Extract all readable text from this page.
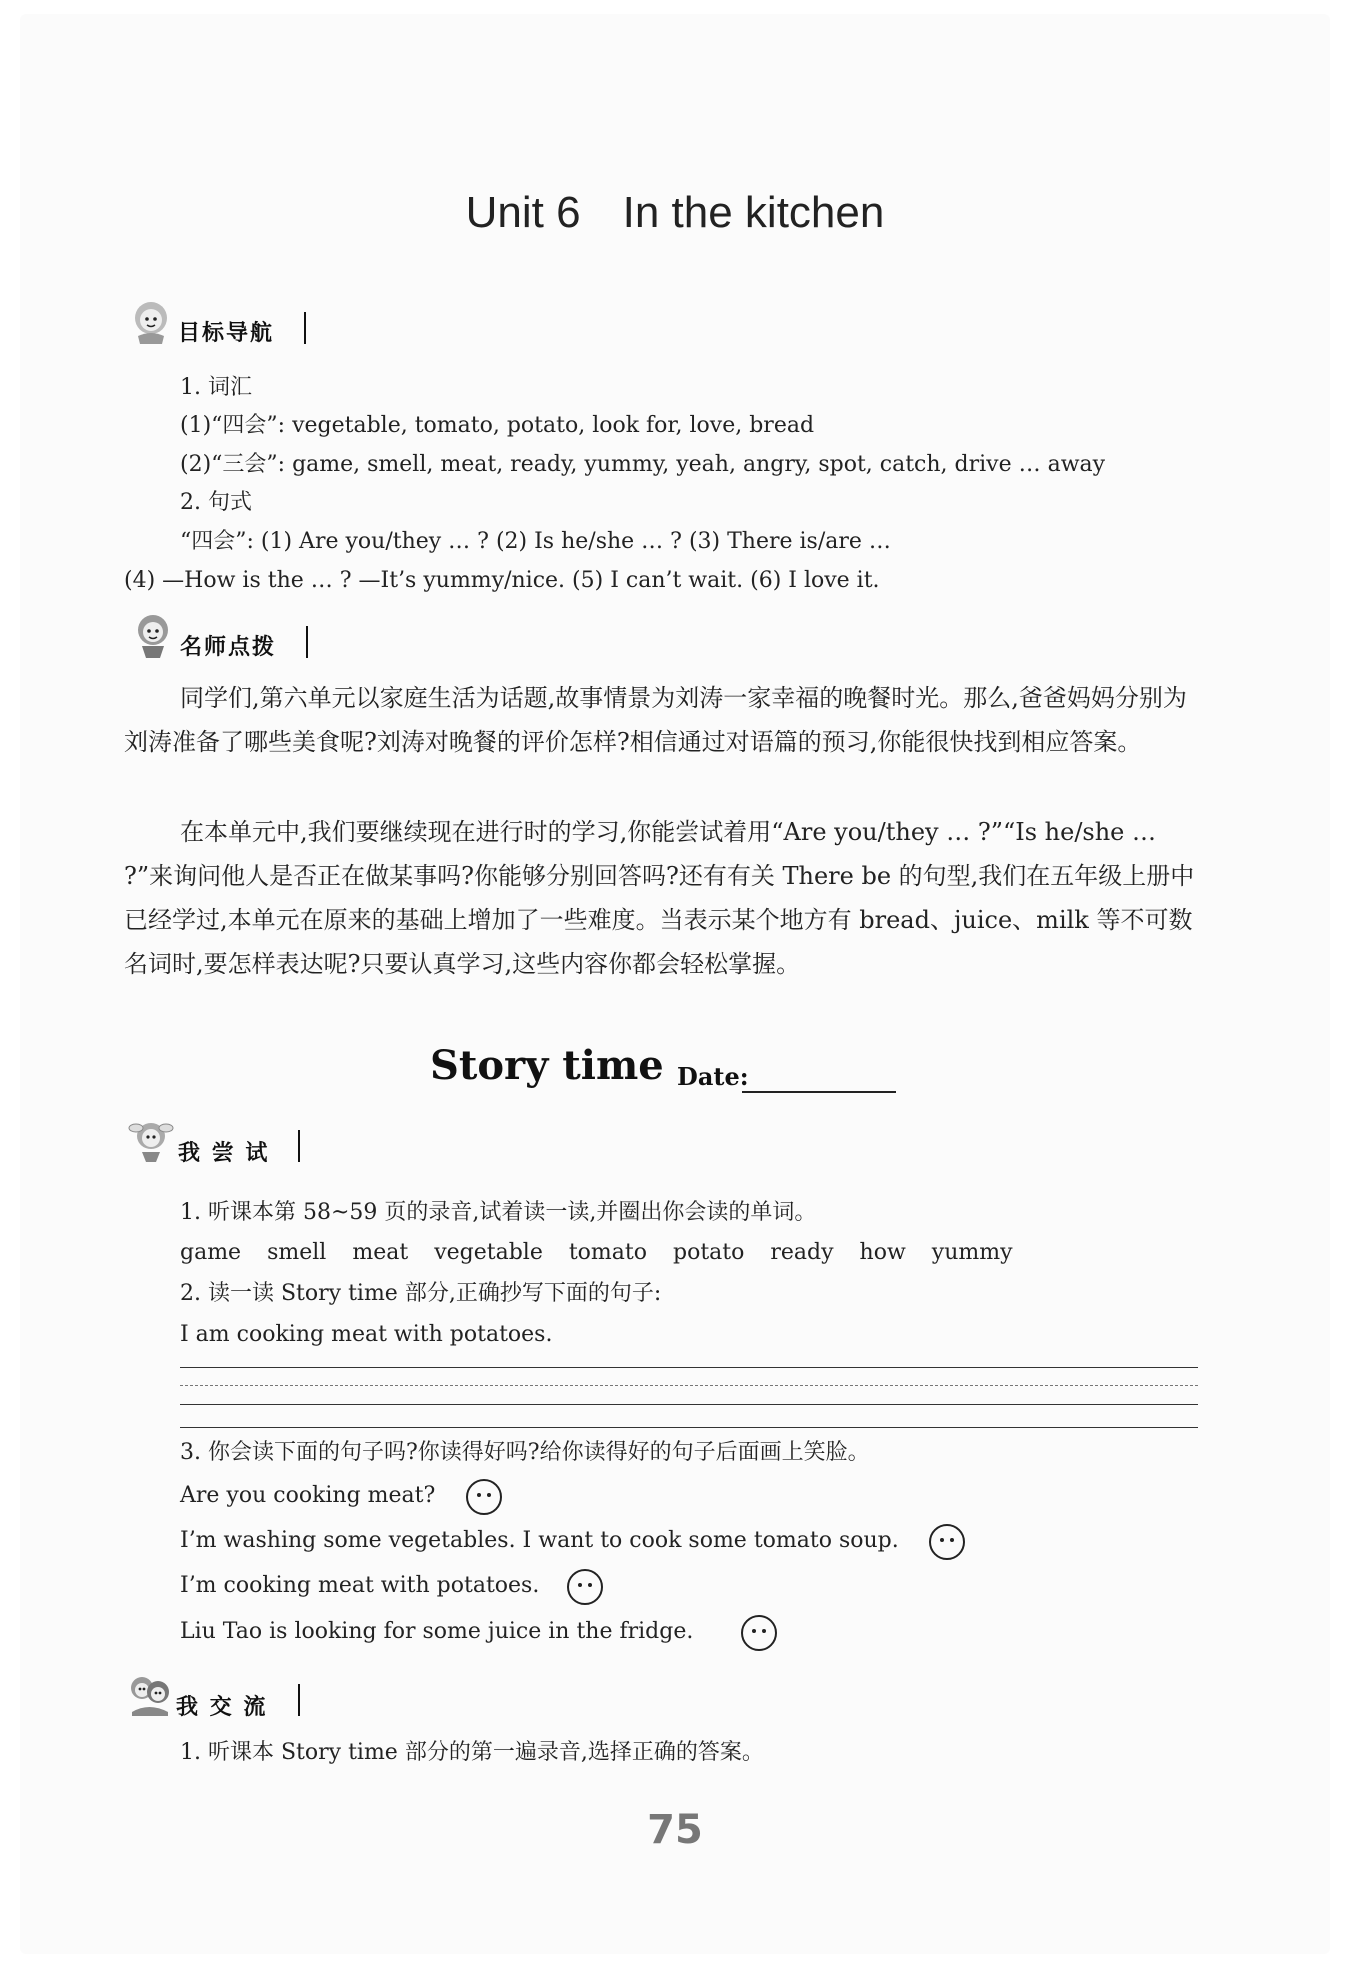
Unit 6 In the kitchen
目标导航
1. 词汇
(1)“四会”: vegetable, tomato, potato, look for, love, bread
(2)“三会”: game, smell, meat, ready, yummy, yeah, angry, spot, catch, drive … away
2. 句式
“四会”: (1) Are you/they … ? (2) Is he/she … ? (3) There is/are …
(4) —How is the … ? —It’s yummy/nice. (5) I can’t wait. (6) I love it.
名师点拨
同学们,第六单元以家庭生活为话题,故事情景为刘涛一家幸福的晚餐时光。那么,爸爸妈妈分别为刘涛准备了哪些美食呢?刘涛对晚餐的评价怎样?相信通过对语篇的预习,你能很快找到相应答案。
在本单元中,我们要继续现在进行时的学习,你能尝试着用“Are you/they … ?”“Is he/she … ?”来询问他人是否正在做某事吗?你能够分别回答吗?还有有关 There be 的句型,我们在五年级上册中已经学过,本单元在原来的基础上增加了一些难度。当表示某个地方有 bread、juice、milk 等不可数名词时,要怎样表达呢?只要认真学习,这些内容你都会轻松掌握。
Story time Date:
我 尝 试
1. 听课本第 58~59 页的录音,试着读一读,并圈出你会读的单词。
game smell meat vegetable tomato potato ready how yummy
2. 读一读 Story time 部分,正确抄写下面的句子:
I am cooking meat with potatoes.
3. 你会读下面的句子吗?你读得好吗?给你读得好的句子后面画上笑脸。
Are you cooking meat?
I’m washing some vegetables. I want to cook some tomato soup.
I’m cooking meat with potatoes.
Liu Tao is looking for some juice in the fridge.
我 交 流
1. 听课本 Story time 部分的第一遍录音,选择正确的答案。
75
